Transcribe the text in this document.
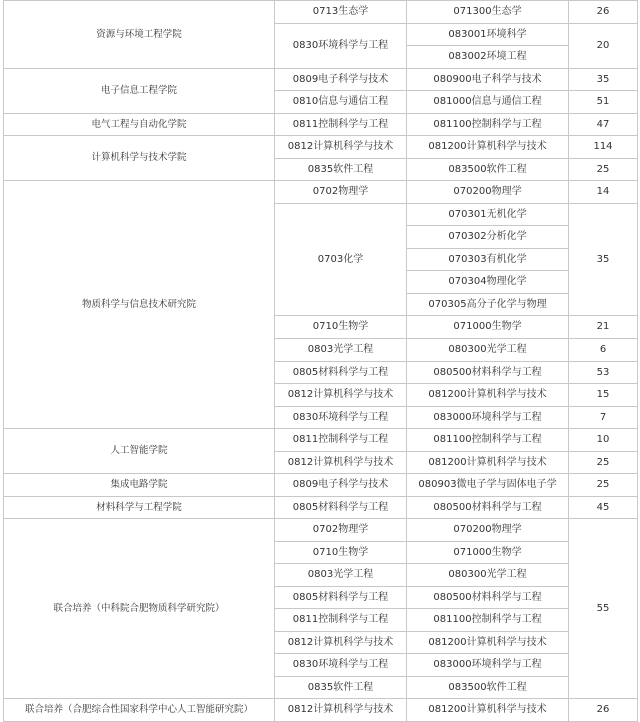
资源与环境工程学院	0713生态学	071300生态学	26
	0830环境科学与工程	083001环境科学	20
		083002环境工程	
电子信息工程学院	0809电子科学与技术	080900电子科学与技术	35
	0810信息与通信工程	081000信息与通信工程	51
电气工程与自动化学院	0811控制科学与工程	081100控制科学与工程	47
计算机科学与技术学院	0812计算机科学与技术	081200计算机科学与技术	114
	0835软件工程	083500软件工程	25
物质科学与信息技术研究院	0702物理学	070200物理学	14
	0703化学	070301无机化学	35
		070302分析化学	
		070303有机化学	
		070304物理化学	
		070305高分子化学与物理	
	0710生物学	071000生物学	21
	0803光学工程	080300光学工程	6
	0805材料科学与工程	080500材料科学与工程	53
	0812计算机科学与技术	081200计算机科学与技术	15
	0830环境科学与工程	083000环境科学与工程	7
人工智能学院	0811控制科学与工程	081100控制科学与工程	10
	0812计算机科学与技术	081200计算机科学与技术	25
集成电路学院	0809电子科学与技术	080903微电子学与固体电子学	25
材料科学与工程学院	0805材料科学与工程	080500材料科学与工程	45
联合培养（中科院合肥物质科学研究院）	0702物理学	070200物理学	55
	0710生物学	071000生物学	
	0803光学工程	080300光学工程	
	0805材料科学与工程	080500材料科学与工程	
	0811控制科学与工程	081100控制科学与工程	
	0812计算机科学与技术	081200计算机科学与技术	
	0830环境科学与工程	083000环境科学与工程	
	0835软件工程	083500软件工程	
联合培养（合肥综合性国家科学中心人工智能研究院）	0812计算机科学与技术	081200计算机科学与技术	26
